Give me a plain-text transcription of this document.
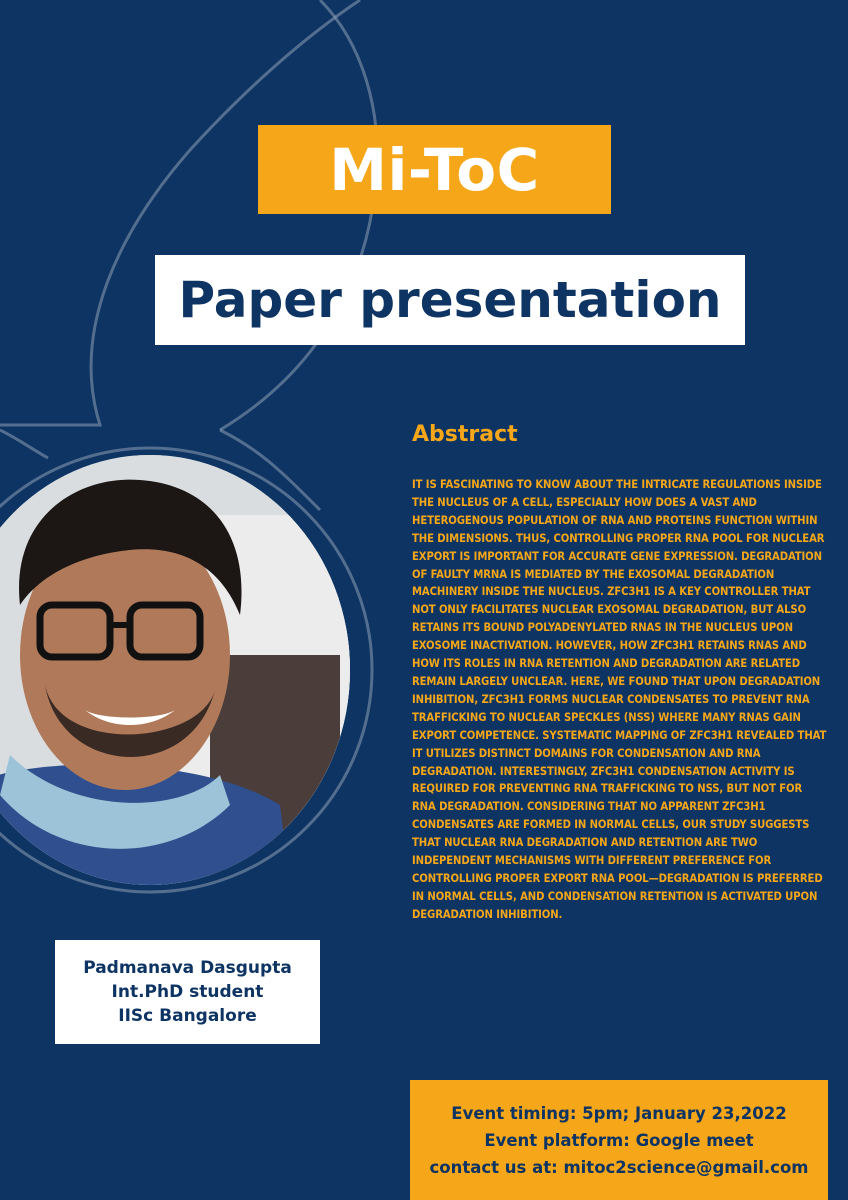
Mi-ToC
Paper presentation
Abstract
IT IS FASCINATING TO KNOW ABOUT THE INTRICATE REGULATIONS INSIDE THE NUCLEUS OF A CELL, ESPECIALLY HOW DOES A VAST AND HETEROGENOUS POPULATION OF RNA AND PROTEINS FUNCTION WITHIN THE DIMENSIONS. THUS, CONTROLLING PROPER RNA POOL FOR NUCLEAR EXPORT IS IMPORTANT FOR ACCURATE GENE EXPRESSION. DEGRADATION OF FAULTY MRNA IS MEDIATED BY THE EXOSOMAL DEGRADATION MACHINERY INSIDE THE NUCLEUS. ZFC3H1 IS A KEY CONTROLLER THAT NOT ONLY FACILITATES NUCLEAR EXOSOMAL DEGRADATION, BUT ALSO RETAINS ITS BOUND POLYADENYLATED RNAS IN THE NUCLEUS UPON EXOSOME INACTIVATION. HOWEVER, HOW ZFC3H1 RETAINS RNAS AND HOW ITS ROLES IN RNA RETENTION AND DEGRADATION ARE RELATED REMAIN LARGELY UNCLEAR. HERE, WE FOUND THAT UPON DEGRADATION INHIBITION, ZFC3H1 FORMS NUCLEAR CONDENSATES TO PREVENT RNA TRAFFICKING TO NUCLEAR SPECKLES (NSS) WHERE MANY RNAS GAIN EXPORT COMPETENCE. SYSTEMATIC MAPPING OF ZFC3H1 REVEALED THAT IT UTILIZES DISTINCT DOMAINS FOR CONDENSATION AND RNA DEGRADATION. INTERESTINGLY, ZFC3H1 CONDENSATION ACTIVITY IS REQUIRED FOR PREVENTING RNA TRAFFICKING TO NSS, BUT NOT FOR RNA DEGRADATION. CONSIDERING THAT NO APPARENT ZFC3H1 CONDENSATES ARE FORMED IN NORMAL CELLS, OUR STUDY SUGGESTS THAT NUCLEAR RNA DEGRADATION AND RETENTION ARE TWO INDEPENDENT MECHANISMS WITH DIFFERENT PREFERENCE FOR CONTROLLING PROPER EXPORT RNA POOL—DEGRADATION IS PREFERRED IN NORMAL CELLS, AND CONDENSATION RETENTION IS ACTIVATED UPON DEGRADATION INHIBITION.
Padmanava Dasgupta
Int.PhD student
IISc Bangalore
Event timing: 5pm; January 23,2022
Event platform: Google meet
contact us at: mitoc2science@gmail.com
